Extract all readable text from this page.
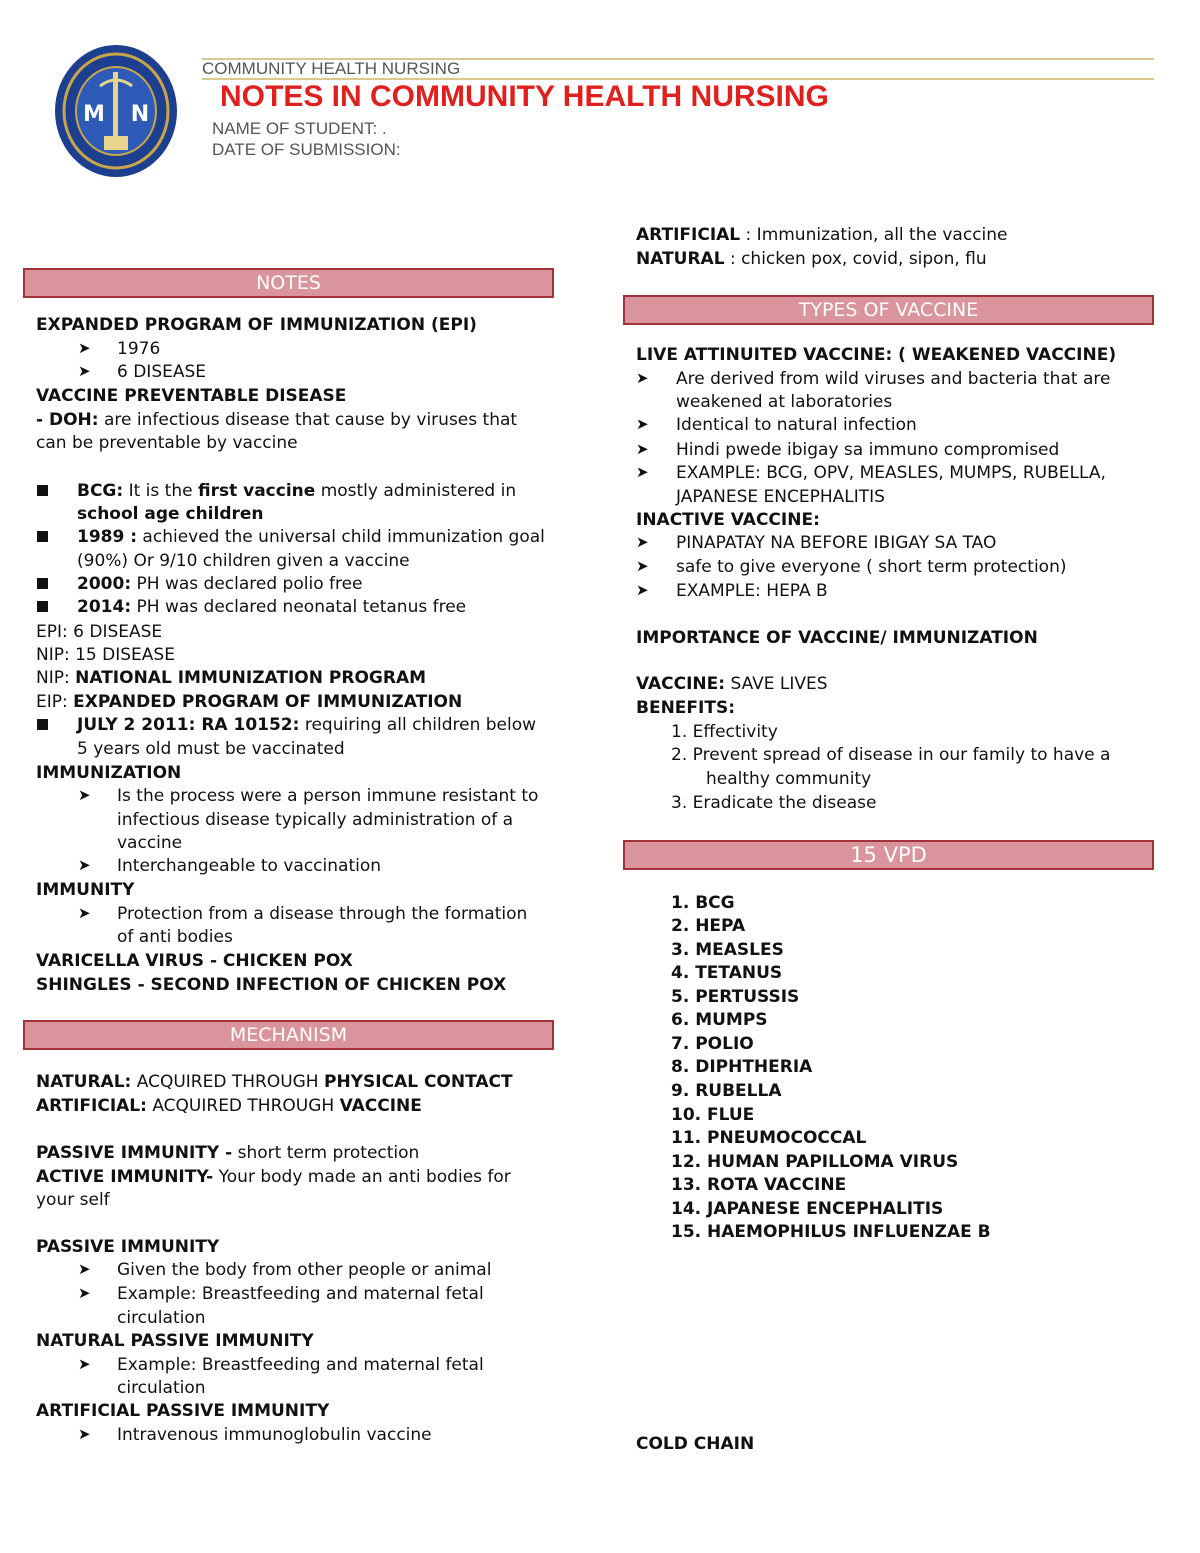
M N
COMMUNITY HEALTH NURSING
NOTES IN COMMUNITY HEALTH NURSING
NAME OF STUDENT: .
DATE OF SUBMISSION:
NOTES
EXPANDED PROGRAM OF IMMUNIZATION (EPI)
➤ 1976
➤ 6 DISEASE
VACCINE PREVENTABLE DISEASE
- DOH: are infectious disease that cause by viruses that
can be preventable by vaccine
BCG: It is the first vaccine mostly administered in
school age children
1989 : achieved the universal child immunization goal
(90%) Or 9/10 children given a vaccine
2000: PH was declared polio free
2014: PH was declared neonatal tetanus free
EPI: 6 DISEASE
NIP: 15 DISEASE
NIP: NATIONAL IMMUNIZATION PROGRAM
EIP: EXPANDED PROGRAM OF IMMUNIZATION
JULY 2 2011: RA 10152: requiring all children below
5 years old must be vaccinated
IMMUNIZATION
➤ Is the process were a person immune resistant to
infectious disease typically administration of a
vaccine
➤ Interchangeable to vaccination
IMMUNITY
➤ Protection from a disease through the formation
of anti bodies
VARICELLA VIRUS - CHICKEN POX
SHINGLES - SECOND INFECTION OF CHICKEN POX
MECHANISM
NATURAL: ACQUIRED THROUGH PHYSICAL CONTACT
ARTIFICIAL: ACQUIRED THROUGH VACCINE
PASSIVE IMMUNITY - short term protection
ACTIVE IMMUNITY- Your body made an anti bodies for
your self
PASSIVE IMMUNITY
➤ Given the body from other people or animal
➤ Example: Breastfeeding and maternal fetal
circulation
NATURAL PASSIVE IMMUNITY
➤ Example: Breastfeeding and maternal fetal
circulation
ARTIFICIAL PASSIVE IMMUNITY
➤ Intravenous immunoglobulin vaccine
ARTIFICIAL : Immunization, all the vaccine
NATURAL : chicken pox, covid, sipon, flu
TYPES OF VACCINE
LIVE ATTINUITED VACCINE: ( WEAKENED VACCINE)
➤ Are derived from wild viruses and bacteria that are
weakened at laboratories
➤ Identical to natural infection
➤ Hindi pwede ibigay sa immuno compromised
➤ EXAMPLE: BCG, OPV, MEASLES, MUMPS, RUBELLA,
JAPANESE ENCEPHALITIS
INACTIVE VACCINE:
➤ PINAPATAY NA BEFORE IBIGAY SA TAO
➤ safe to give everyone ( short term protection)
➤ EXAMPLE: HEPA B
IMPORTANCE OF VACCINE/ IMMUNIZATION
VACCINE: SAVE LIVES
BENEFITS:
1. Effectivity
2. Prevent spread of disease in our family to have a
healthy community
3. Eradicate the disease
15 VPD
1. BCG
2. HEPA
3. MEASLES
4. TETANUS
5. PERTUSSIS
6. MUMPS
7. POLIO
8. DIPHTHERIA
9. RUBELLA
10. FLUE
11. PNEUMOCOCCAL
12. HUMAN PAPILLOMA VIRUS
13. ROTA VACCINE
14. JAPANESE ENCEPHALITIS
15. HAEMOPHILUS INFLUENZAE B
COLD CHAIN
